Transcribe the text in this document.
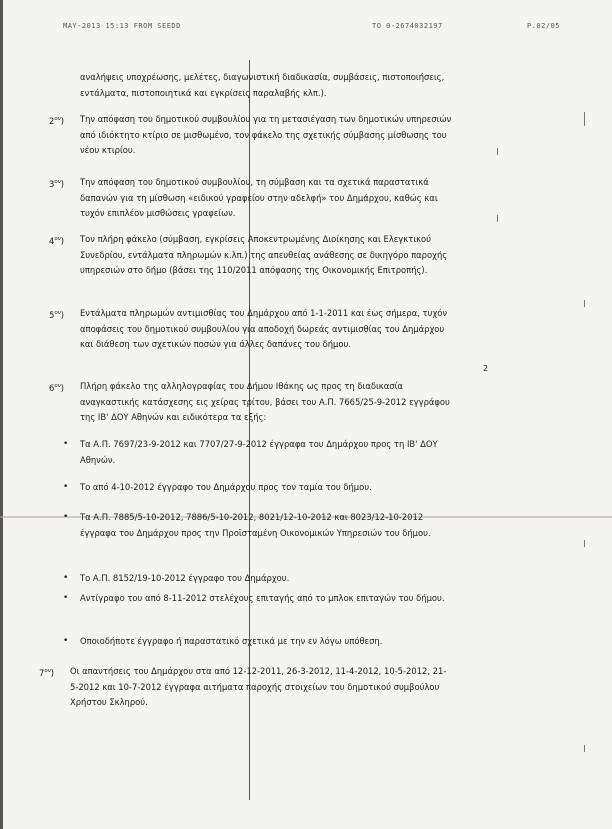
MAY-2013 15:13 FROM SEEDD	TO 0-2674032197	P.02/05
2
αναλήψεις υποχρέωσης, μελέτες, διαγωνιστική διαδικασία, συμβάσεις, πιστοποιήσεις, εντάλματα, πιστοποιητικά και εγκρίσεις παραλαβής κλπ.).
$2^{o\nu}$) Την απόφαση του δημοτικού συμβουλίου για τη μετασιέγαση των δημοτικών υπηρεσιών από ιδιόκτητο κτίριο σε μισθωμένο, τον φάκελο της σχετικής σύμβασης μίσθωσης του νέου κτιρίου.
$3^{o\nu}$) Την απόφαση του δημοτικού συμβουλίου, τη σύμβαση και τα σχετικά παραστατικά δαπανών για τη μίσθωση «ειδικού γραφείου στην αδελφή» του Δημάρχου, καθώς και τυχόν επιπλέον μισθώσεις γραφείων.
$4^{o\nu}$) Τον πλήρη φάκελο (σύμβαση, εγκρίσεις Αποκεντρωμένης Διοίκησης και Ελεγκτικού Συνεδρίου, εντάλματα πληρωμών κ.λπ.) της απευθείας ανάθεσης σε δικηγόρο παροχής υπηρεσιών στο δήμο (βάσει της 110/2011 απόφασης της Οικονομικής Επιτροπής).
$5^{o\nu}$) Εντάλματα πληρωμών αντιμισθίας του Δημάρχου από 1-1-2011 και έως σήμερα, τυχόν αποφάσεις του δημοτικού συμβουλίου για αποδοχή δωρεάς αντιμισθίας του Δημάρχου και διάθεση των σχετικών ποσών για άλλες δαπάνες του δήμου.
$6^{o\nu}$) Πλήρη φάκελο της αλληλογραφίας του Δήμου Ιθάκης ως προς τη διαδικασία αναγκαστικής κατάσχεσης εις χείρας τρίτου, βάσει του Α.Π. 7665/25-9-2012 εγγράφου της ΙΒ' ΔΟΥ Αθηνών και ειδικότερα τα εξής:
• Τα Α.Π. 7697/23-9-2012 και 7707/27-9-2012 έγγραφα του Δημάρχου προς τη ΙΒ' ΔΟΥ Αθηνών.
• Το από 4-10-2012 έγγραφο του Δημάρχου προς τον ταμία του δήμου.
• Τα Α.Π. 7885/5-10-2012, 7886/5-10-2012, 8021/12-10-2012 και 8023/12-10-2012 έγγραφα του Δημάρχου προς την Προϊσταμένη Οικονομικών Υπηρεσιών του δήμου.
• Το Α.Π. 8152/19-10-2012 έγγραφο του Δημάρχου.
• Αντίγραφο του από 8-11-2012 στελέχους επιταγής από το μπλοκ επιταγών του δήμου.
• Οποιοδήποτε έγγραφο ή παραστατικό σχετικά με την εν λόγω υπόθεση.
$7^{o\nu}$) Οι απαντήσεις του Δημάρχου στα από 12-12-2011, 26-3-2012, 11-4-2012, 10-5-2012, 21-5-2012 και 10-7-2012 έγγραφα αιτήματα παροχής στοιχείων του δημοτικού συμβούλου Χρήστου Σκληρού.
